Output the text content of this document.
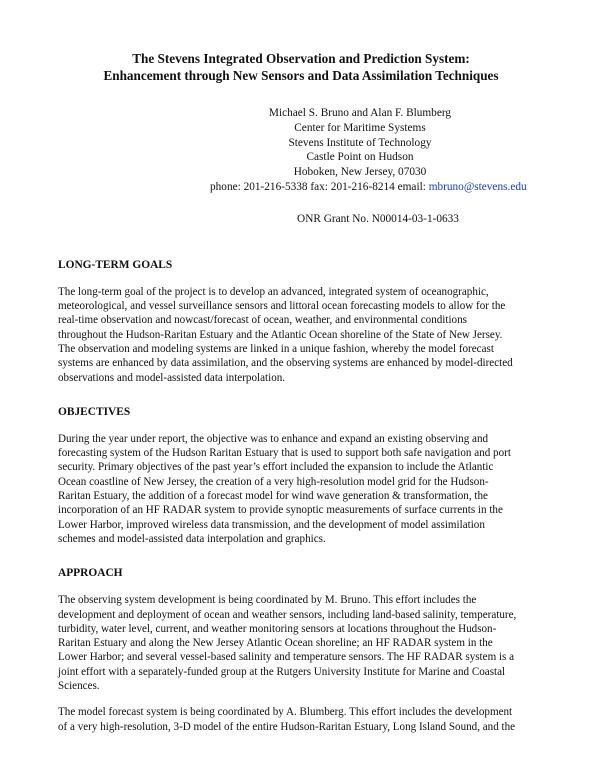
The Stevens Integrated Observation and Prediction System:
Enhancement through New Sensors and Data Assimilation Techniques
Michael S. Bruno and Alan F. Blumberg
Center for Maritime Systems
Stevens Institute of Technology
Castle Point on Hudson
Hoboken, New Jersey, 07030
phone: 201-216-5338 fax: 201-216-8214 email: mbruno@stevens.edu
ONR Grant No. N00014-03-1-0633
LONG-TERM GOALS

The long-term goal of the project is to develop an advanced, integrated system of oceanographic,
meteorological, and vessel surveillance sensors and littoral ocean forecasting models to allow for the
real-time observation and nowcast/forecast of ocean, weather, and environmental conditions
throughout the Hudson-Raritan Estuary and the Atlantic Ocean shoreline of the State of New Jersey.
The observation and modeling systems are linked in a unique fashion, whereby the model forecast
systems are enhanced by data assimilation, and the observing systems are enhanced by model-directed
observations and model-assisted data interpolation.

OBJECTIVES

During the year under report, the objective was to enhance and expand an existing observing and
forecasting system of the Hudson Raritan Estuary that is used to support both safe navigation and port
security. Primary objectives of the past year’s effort included the expansion to include the Atlantic
Ocean coastline of New Jersey, the creation of a very high-resolution model grid for the Hudson-
Raritan Estuary, the addition of a forecast model for wind wave generation & transformation, the
incorporation of an HF RADAR system to provide synoptic measurements of surface currents in the
Lower Harbor, improved wireless data transmission, and the development of model assimilation
schemes and model-assisted data interpolation and graphics.

APPROACH

The observing system development is being coordinated by M. Bruno. This effort includes the
development and deployment of ocean and weather sensors, including land-based salinity, temperature,
turbidity, water level, current, and weather monitoring sensors at locations throughout the Hudson-
Raritan Estuary and along the New Jersey Atlantic Ocean shoreline; an HF RADAR system in the
Lower Harbor; and several vessel-based salinity and temperature sensors. The HF RADAR system is a
joint effort with a separately-funded group at the Rutgers University Institute for Marine and Coastal
Sciences.

The model forecast system is being coordinated by A. Blumberg. This effort includes the development
of a very high-resolution, 3-D model of the entire Hudson-Raritan Estuary, Long Island Sound, and the
